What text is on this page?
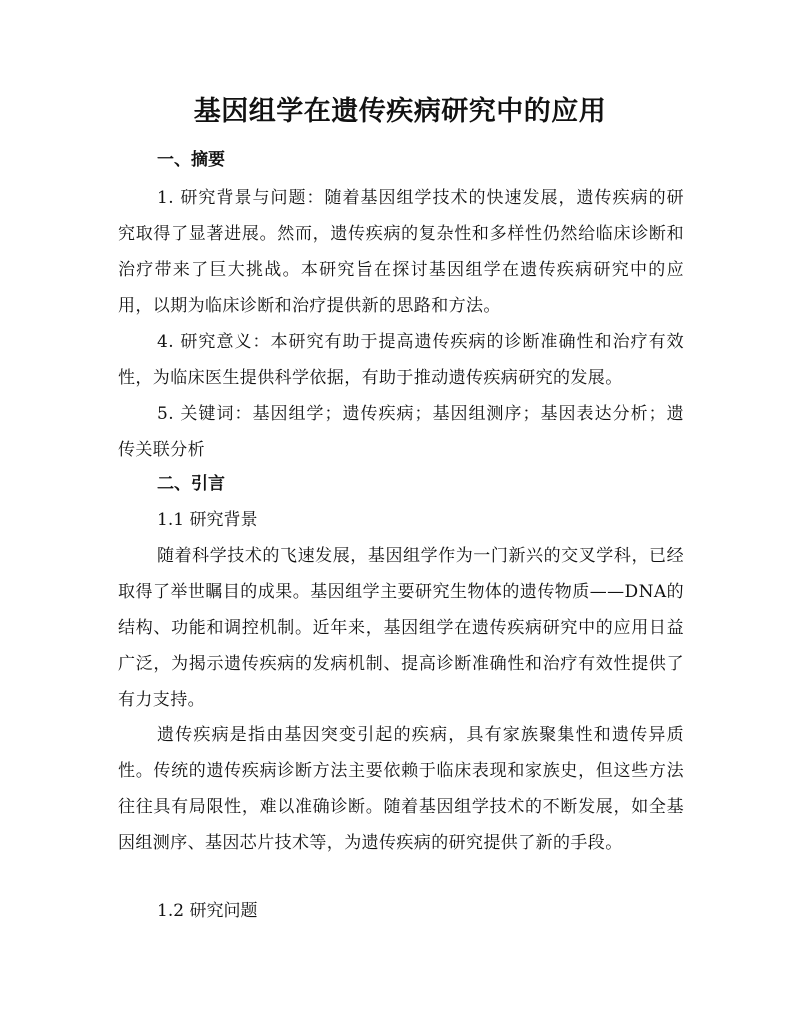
基因组学在遗传疾病研究中的应用
一、摘要

1. 研究背景与问题：随着基因组学技术的快速发展，遗传疾病的研究取得了显著进展。然而，遗传疾病的复杂性和多样性仍然给临床诊断和治疗带来了巨大挑战。本研究旨在探讨基因组学在遗传疾病研究中的应用，以期为临床诊断和治疗提供新的思路和方法。

4. 研究意义：本研究有助于提高遗传疾病的诊断准确性和治疗有效性，为临床医生提供科学依据，有助于推动遗传疾病研究的发展。

5. 关键词：基因组学；遗传疾病；基因组测序；基因表达分析；遗传关联分析

二、引言
1.1 研究背景

随着科学技术的飞速发展，基因组学作为一门新兴的交叉学科，已经取得了举世瞩目的成果。基因组学主要研究生物体的遗传物质——DNA的结构、功能和调控机制。近年来，基因组学在遗传疾病研究中的应用日益广泛，为揭示遗传疾病的发病机制、提高诊断准确性和治疗有效性提供了有力支持。

遗传疾病是指由基因突变引起的疾病，具有家族聚集性和遗传异质性。传统的遗传疾病诊断方法主要依赖于临床表现和家族史，但这些方法往往具有局限性，难以准确诊断。随着基因组学技术的不断发展，如全基因组测序、基因芯片技术等，为遗传疾病的研究提供了新的手段。

1.2 研究问题
